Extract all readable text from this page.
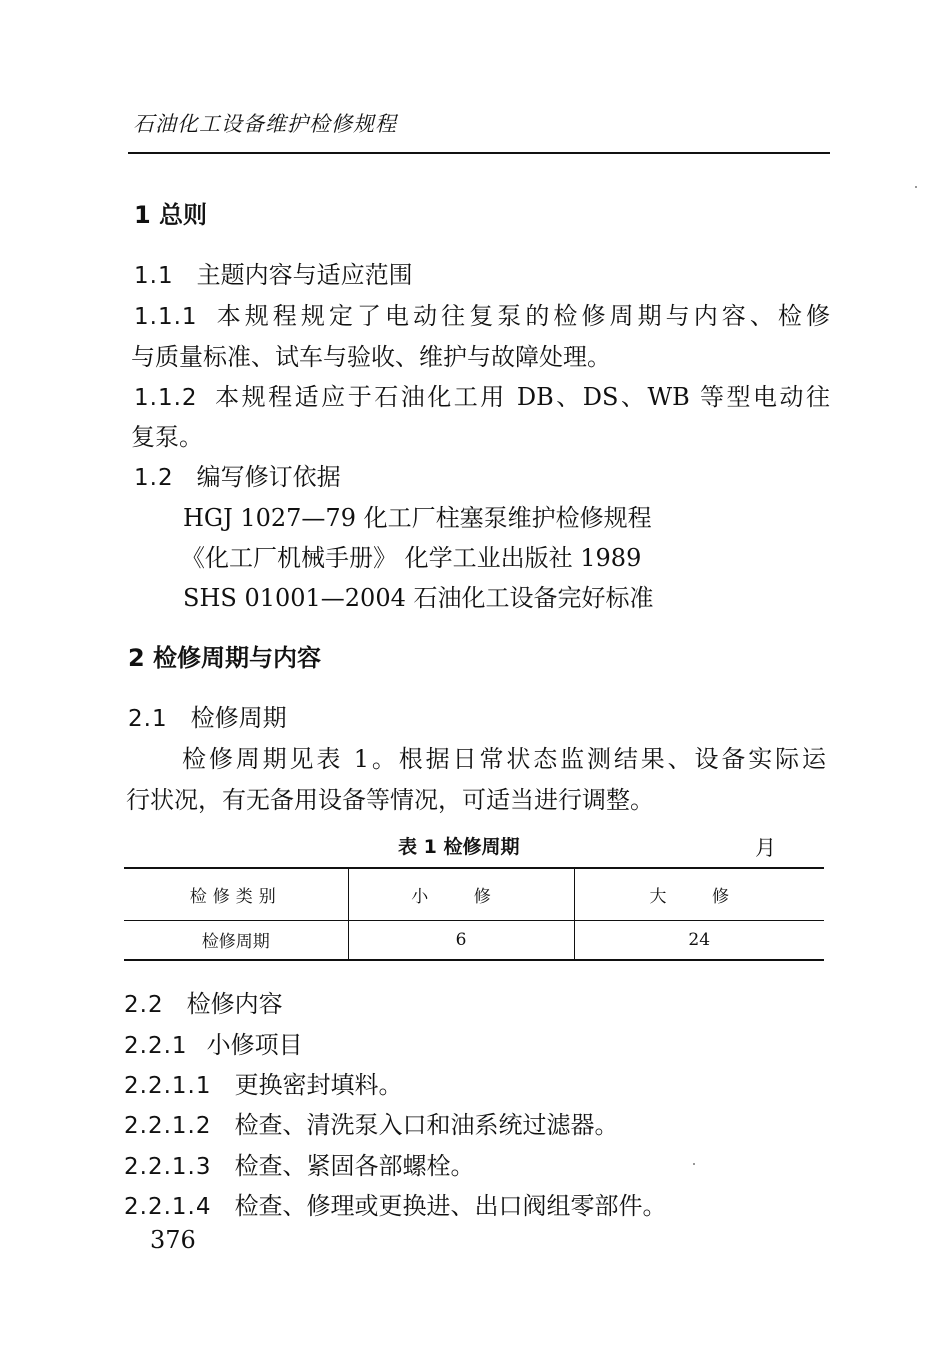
石油化工设备维护检修规程
1 总则
1.1 主题内容与适应范围
1.1.1 本规程规定了电动往复泵的检修周期与内容、检修
与质量标准、试车与验收、维护与故障处理。
1.1.2 本规程适应于石油化工用 DB、DS、WB 等型电动往
复泵。
1.2 编写修订依据
HGJ 1027—79 化工厂柱塞泵维护检修规程
《化工厂机械手册》 化学工业出版社 1989
SHS 01001—2004 石油化工设备完好标准
2 检修周期与内容
2.1 检修周期
检修周期见表 1。根据日常状态监测结果、设备实际运
行状况，有无备用设备等情况，可适当进行调整。
表 1 检修周期	月
检修类别	小 修	大 修
检修周期	6	24
2.2 检修内容
2.2.1 小修项目
2.2.1.1 更换密封填料。
2.2.1.2 检查、清洗泵入口和油系统过滤器。
2.2.1.3 检查、紧固各部螺栓。
2.2.1.4 检查、修理或更换进、出口阀组零部件。
376
